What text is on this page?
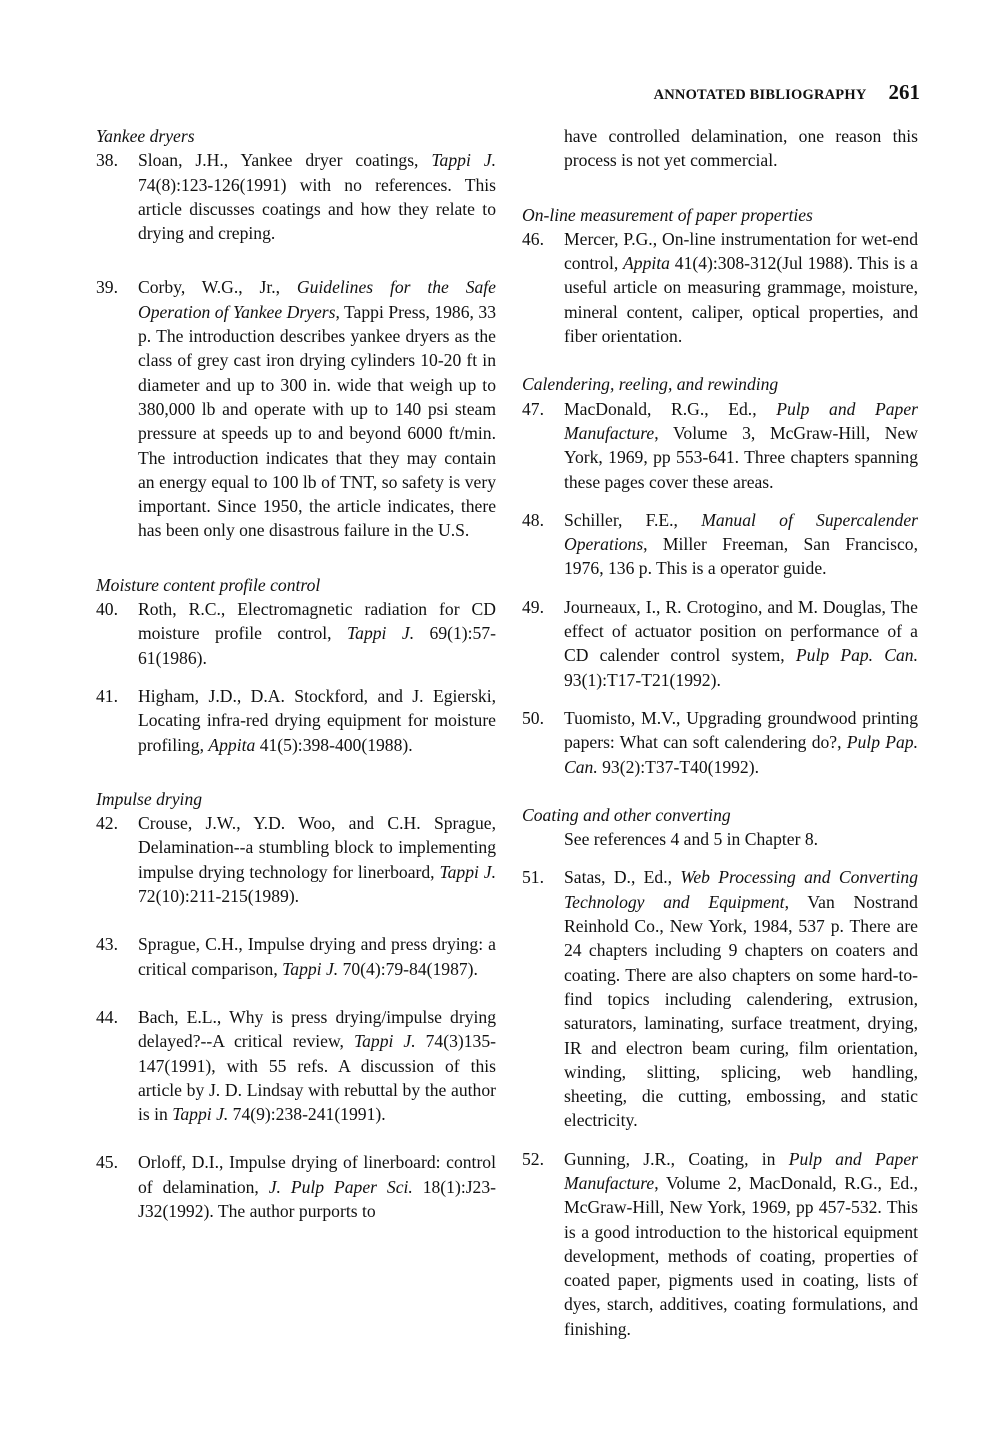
ANNOTATED BIBLIOGRAPHY 261

Yankee dryers

38.	Sloan, J.H., Yankee dryer coatings, Tappi J. 74(8):123-126(1991) with no references. This article discusses coatings and how they relate to drying and creping.
39.	Corby, W.G., Jr., Guidelines for the Safe Operation of Yankee Dryers, Tappi Press, 1986, 33 p. The introduction describes yankee dryers as the class of grey cast iron drying cylinders 10-20 ft in diameter and up to 300 in. wide that weigh up to 380,000 lb and operate with up to 140 psi steam pressure at speeds up to and beyond 6000 ft/min. The introduction indicates that they may contain an energy equal to 100 lb of TNT, so safety is very important. Since 1950, the article indicates, there has been only one disastrous failure in the U.S.

Moisture content profile control

40.	Roth, R.C., Electromagnetic radiation for CD moisture profile control, Tappi J. 69(1):57-61(1986).
41.	Higham, J.D., D.A. Stockford, and J. Egierski, Locating infra-red drying equipment for moisture profiling, Appita 41(5):398-400(1988).

Impulse drying

42.	Crouse, J.W., Y.D. Woo, and C.H. Sprague, Delamination--a stumbling block to implementing impulse drying technology for linerboard, Tappi J. 72(10):211-215(1989).
43.	Sprague, C.H., Impulse drying and press drying: a critical comparison, Tappi J. 70(4):79-84(1987).
44.	Bach, E.L., Why is press drying/impulse drying delayed?--A critical review, Tappi J. 74(3)135-147(1991), with 55 refs. A discussion of this article by J. D. Lindsay with rebuttal by the author is in Tappi J. 74(9):238-241(1991).
45.	Orloff, D.I., Impulse drying of linerboard: control of delamination, J. Pulp Paper Sci. 18(1):J23-J32(1992). The author purports to

have controlled delamination, one reason this process is not yet commercial.

On-line measurement of paper properties

46.	Mercer, P.G., On-line instrumentation for wet-end control, Appita 41(4):308-312(Jul 1988). This is a useful article on measuring grammage, moisture, mineral content, caliper, optical properties, and fiber orientation.

Calendering, reeling, and rewinding

47.	MacDonald, R.G., Ed., Pulp and Paper Manufacture, Volume 3, McGraw-Hill, New York, 1969, pp 553-641. Three chapters spanning these pages cover these areas.
48.	Schiller, F.E., Manual of Supercalender Operations, Miller Freeman, San Francisco, 1976, 136 p. This is a operator guide.
49.	Journeaux, I., R. Crotogino, and M. Douglas, The effect of actuator position on performance of a CD calender control system, Pulp Pap. Can. 93(1):T17-T21(1992).
50.	Tuomisto, M.V., Upgrading groundwood printing papers: What can soft calendering do?, Pulp Pap. Can. 93(2):T37-T40(1992).

Coating and other converting

See references 4 and 5 in Chapter 8.

51.	Satas, D., Ed., Web Processing and Converting Technology and Equipment, Van Nostrand Reinhold Co., New York, 1984, 537 p. There are 24 chapters including 9 chapters on coaters and coating. There are also chapters on some hard-to-find topics including calendering, extrusion, saturators, laminating, surface treatment, drying, IR and electron beam curing, film orientation, winding, slitting, splicing, web handling, sheeting, die cutting, embossing, and static electricity.
52.	Gunning, J.R., Coating, in Pulp and Paper Manufacture, Volume 2, MacDonald, R.G., Ed., McGraw-Hill, New York, 1969, pp 457-532. This is a good introduction to the historical equipment development, methods of coating, properties of coated paper, pigments used in coating, lists of dyes, starch, additives, coating formulations, and finishing.
